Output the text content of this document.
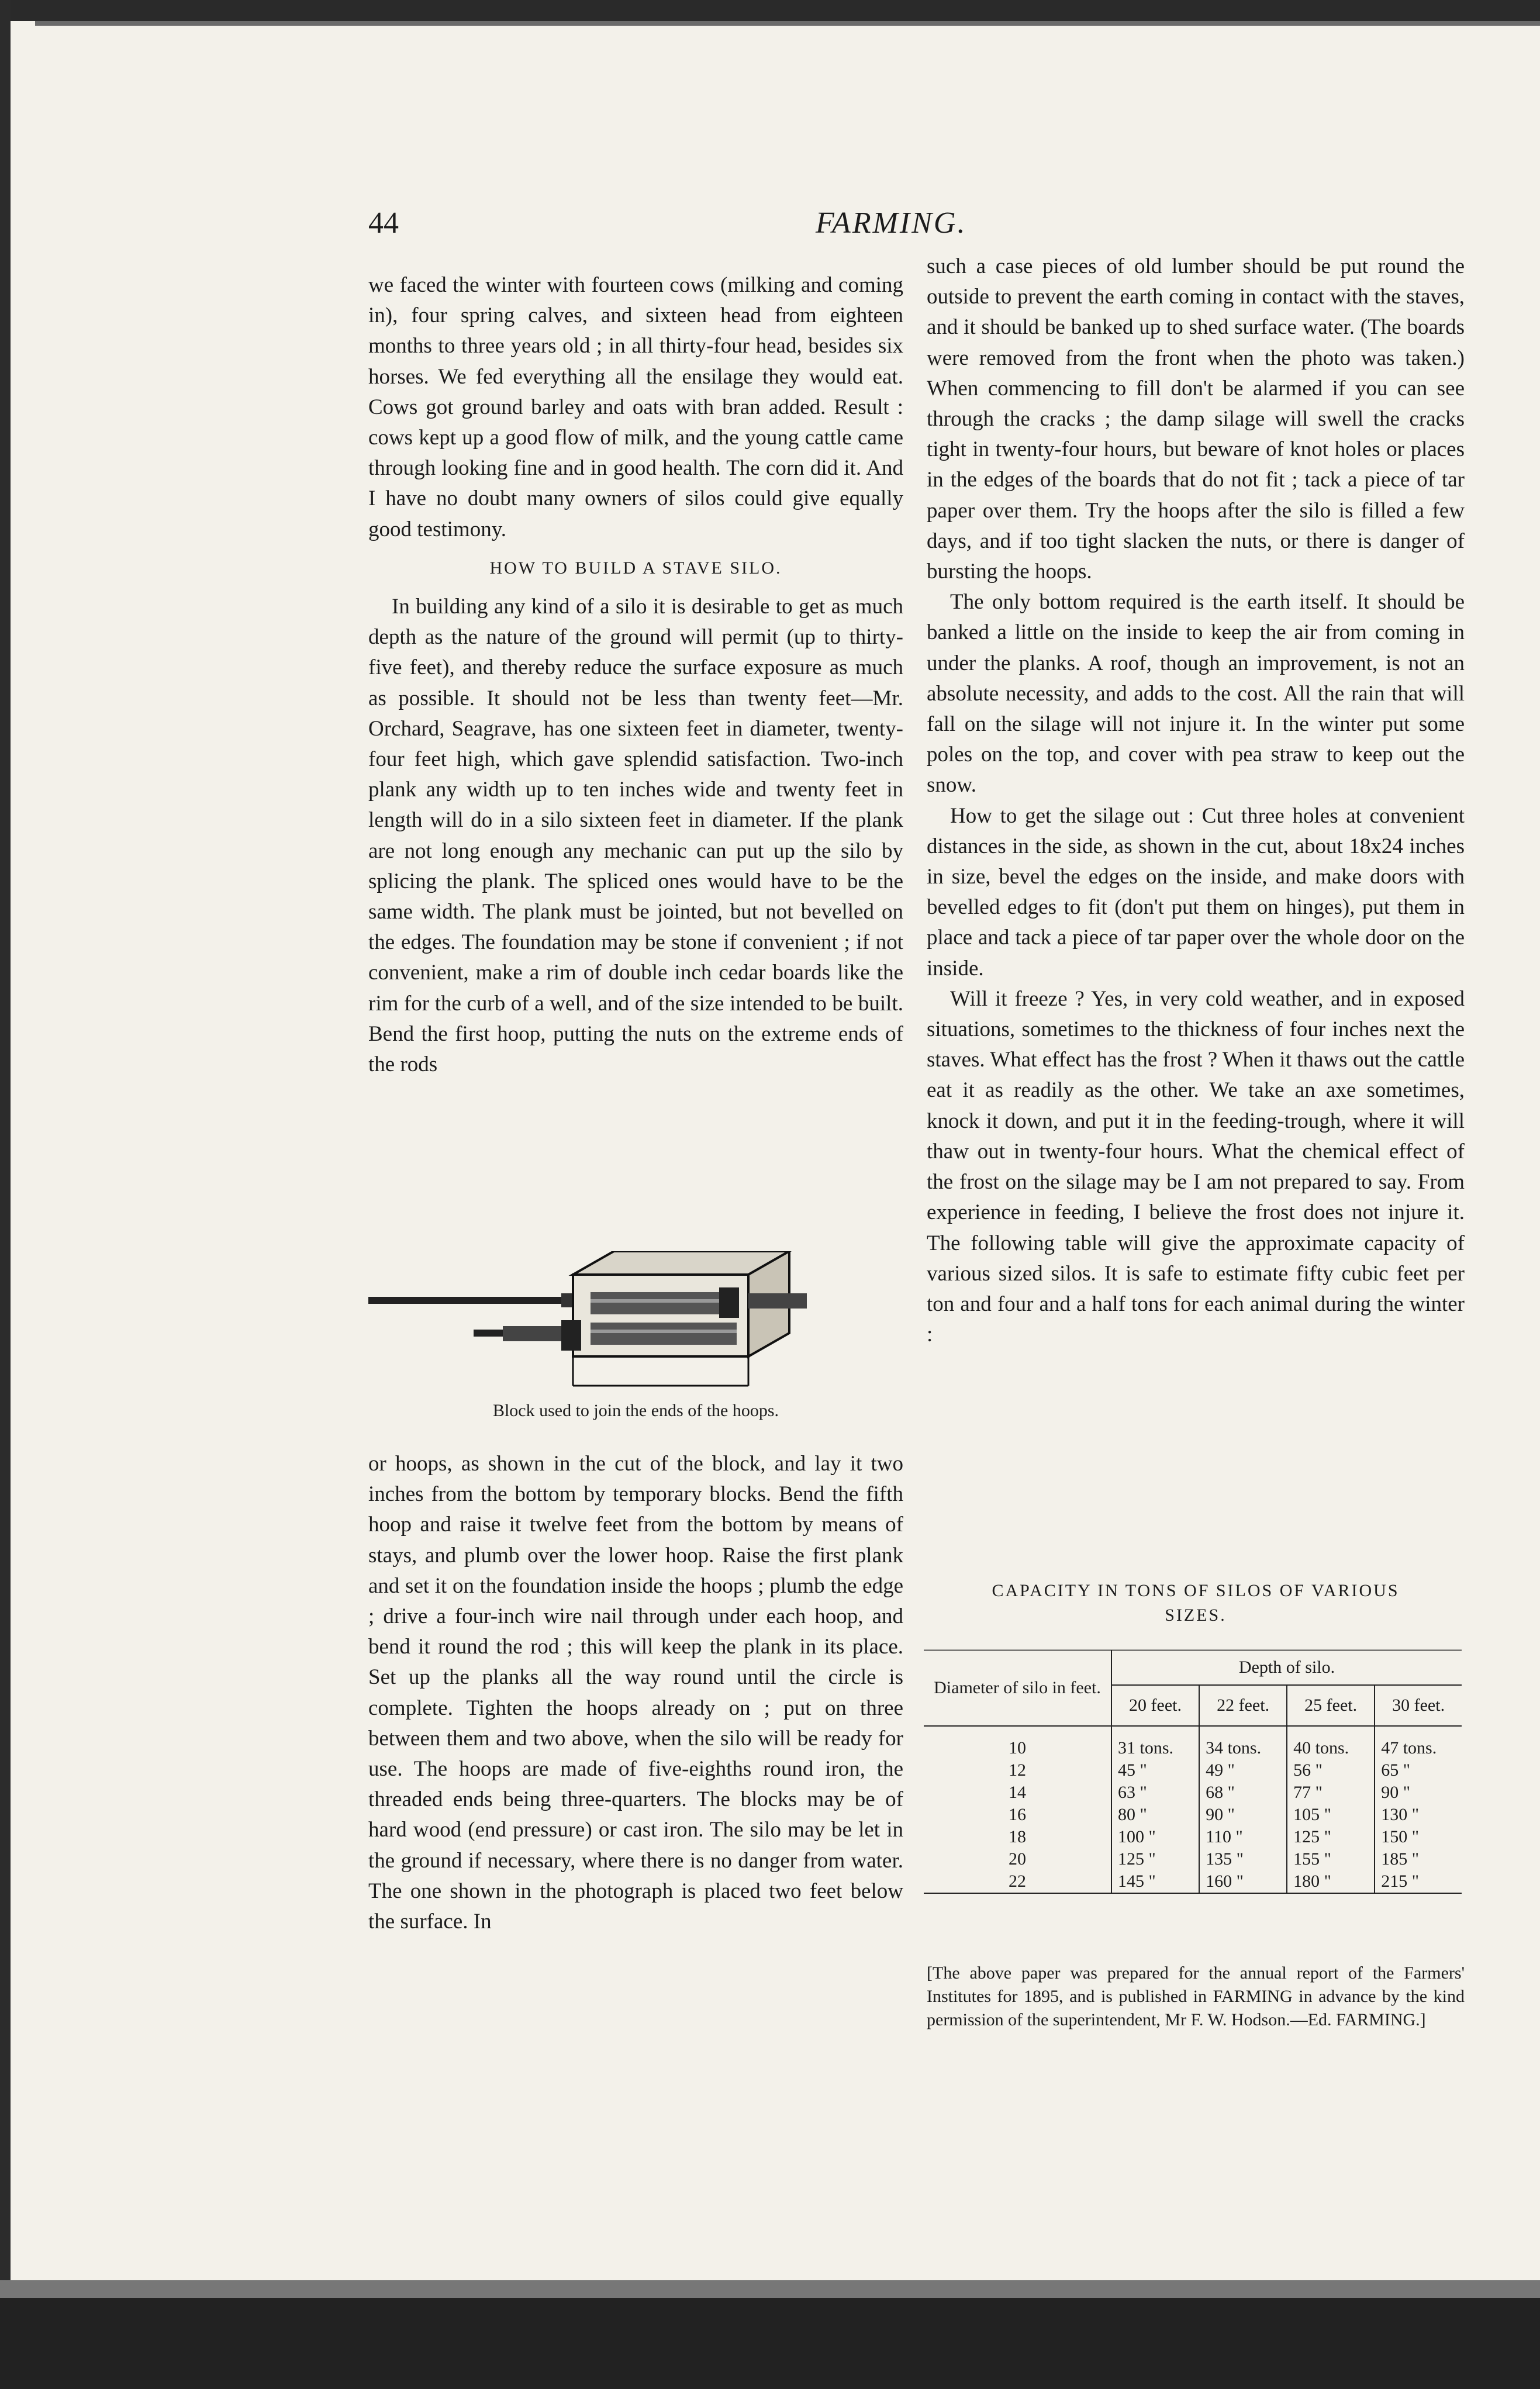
44	FARMING.

we faced the winter with fourteen cows (milking and coming in), four spring calves, and sixteen head from eighteen months to three years old ; in all thirty-four head, besides six horses. We fed everything all the ensilage they would eat. Cows got ground barley and oats with bran added. Result : cows kept up a good flow of milk, and the young cattle came through looking fine and in good health. The corn did it. And I have no doubt many owners of silos could give equally good testimony.

HOW TO BUILD A STAVE SILO.

In building any kind of a silo it is desirable to get as much depth as the nature of the ground will permit (up to thirty-five feet), and thereby reduce the surface exposure as much as possible. It should not be less than twenty feet—Mr. Orchard, Seagrave, has one sixteen feet in diameter, twenty-four feet high, which gave splendid satisfaction. Two-inch plank any width up to ten inches wide and twenty feet in length will do in a silo sixteen feet in diameter. If the plank are not long enough any mechanic can put up the silo by splicing the plank. The spliced ones would have to be the same width. The plank must be jointed, but not bevelled on the edges. The foundation may be stone if convenient ; if not convenient, make a rim of double inch cedar boards like the rim for the curb of a well, and of the size intended to be built. Bend the first hoop, putting the nuts on the extreme ends of the rods

Block used to join the ends of the hoops.

or hoops, as shown in the cut of the block, and lay it two inches from the bottom by temporary blocks. Bend the fifth hoop and raise it twelve feet from the bottom by means of stays, and plumb over the lower hoop. Raise the first plank and set it on the foundation inside the hoops ; plumb the edge ; drive a four-inch wire nail through under each hoop, and bend it round the rod ; this will keep the plank in its place. Set up the planks all the way round until the circle is complete. Tighten the hoops already on ; put on three between them and two above, when the silo will be ready for use. The hoops are made of five-eighths round iron, the threaded ends being three-quarters. The blocks may be of hard wood (end pressure) or cast iron. The silo may be let in the ground if necessary, where there is no danger from water. The one shown in the photograph is placed two feet below the surface. In

such a case pieces of old lumber should be put round the outside to prevent the earth coming in contact with the staves, and it should be banked up to shed surface water. (The boards were removed from the front when the photo was taken.) When commencing to fill don't be alarmed if you can see through the cracks ; the damp silage will swell the cracks tight in twenty-four hours, but beware of knot holes or places in the edges of the boards that do not fit ; tack a piece of tar paper over them. Try the hoops after the silo is filled a few days, and if too tight slacken the nuts, or there is danger of bursting the hoops.

The only bottom required is the earth itself. It should be banked a little on the inside to keep the air from coming in under the planks. A roof, though an improvement, is not an absolute necessity, and adds to the cost. All the rain that will fall on the silage will not injure it. In the winter put some poles on the top, and cover with pea straw to keep out the snow.

How to get the silage out : Cut three holes at convenient distances in the side, as shown in the cut, about 18x24 inches in size, bevel the edges on the inside, and make doors with bevelled edges to fit (don't put them on hinges), put them in place and tack a piece of tar paper over the whole door on the inside.

Will it freeze ? Yes, in very cold weather, and in exposed situations, sometimes to the thickness of four inches next the staves. What effect has the frost ? When it thaws out the cattle eat it as readily as the other. We take an axe sometimes, knock it down, and put it in the feeding-trough, where it will thaw out in twenty-four hours. What the chemical effect of the frost on the silage may be I am not prepared to say. From experience in feeding, I believe the frost does not injure it. The following table will give the approximate capacity of various sized silos. It is safe to estimate fifty cubic feet per ton and four and a half tons for each animal during the winter :

CAPACITY IN TONS OF SILOS OF VARIOUS
SIZES.
Diameter of silo in feet.	Depth of silo.			
	20 feet.	22 feet.	25 feet.	30 feet.
10	31 tons.	34 tons.	40 tons.	47 tons.
12	45 "	49 "	56 "	65 "
14	63 "	68 "	77 "	90 "
16	80 "	90 "	105 "	130 "
18	100 "	110 "	125 "	150 "
20	125 "	135 "	155 "	185 "
22	145 "	160 "	180 "	215 "
[The above paper was prepared for the annual report of the Farmers' Institutes for 1895, and is published in FARMING in advance by the kind permission of the superintendent, Mr F. W. Hodson.—Ed. FARMING.]
